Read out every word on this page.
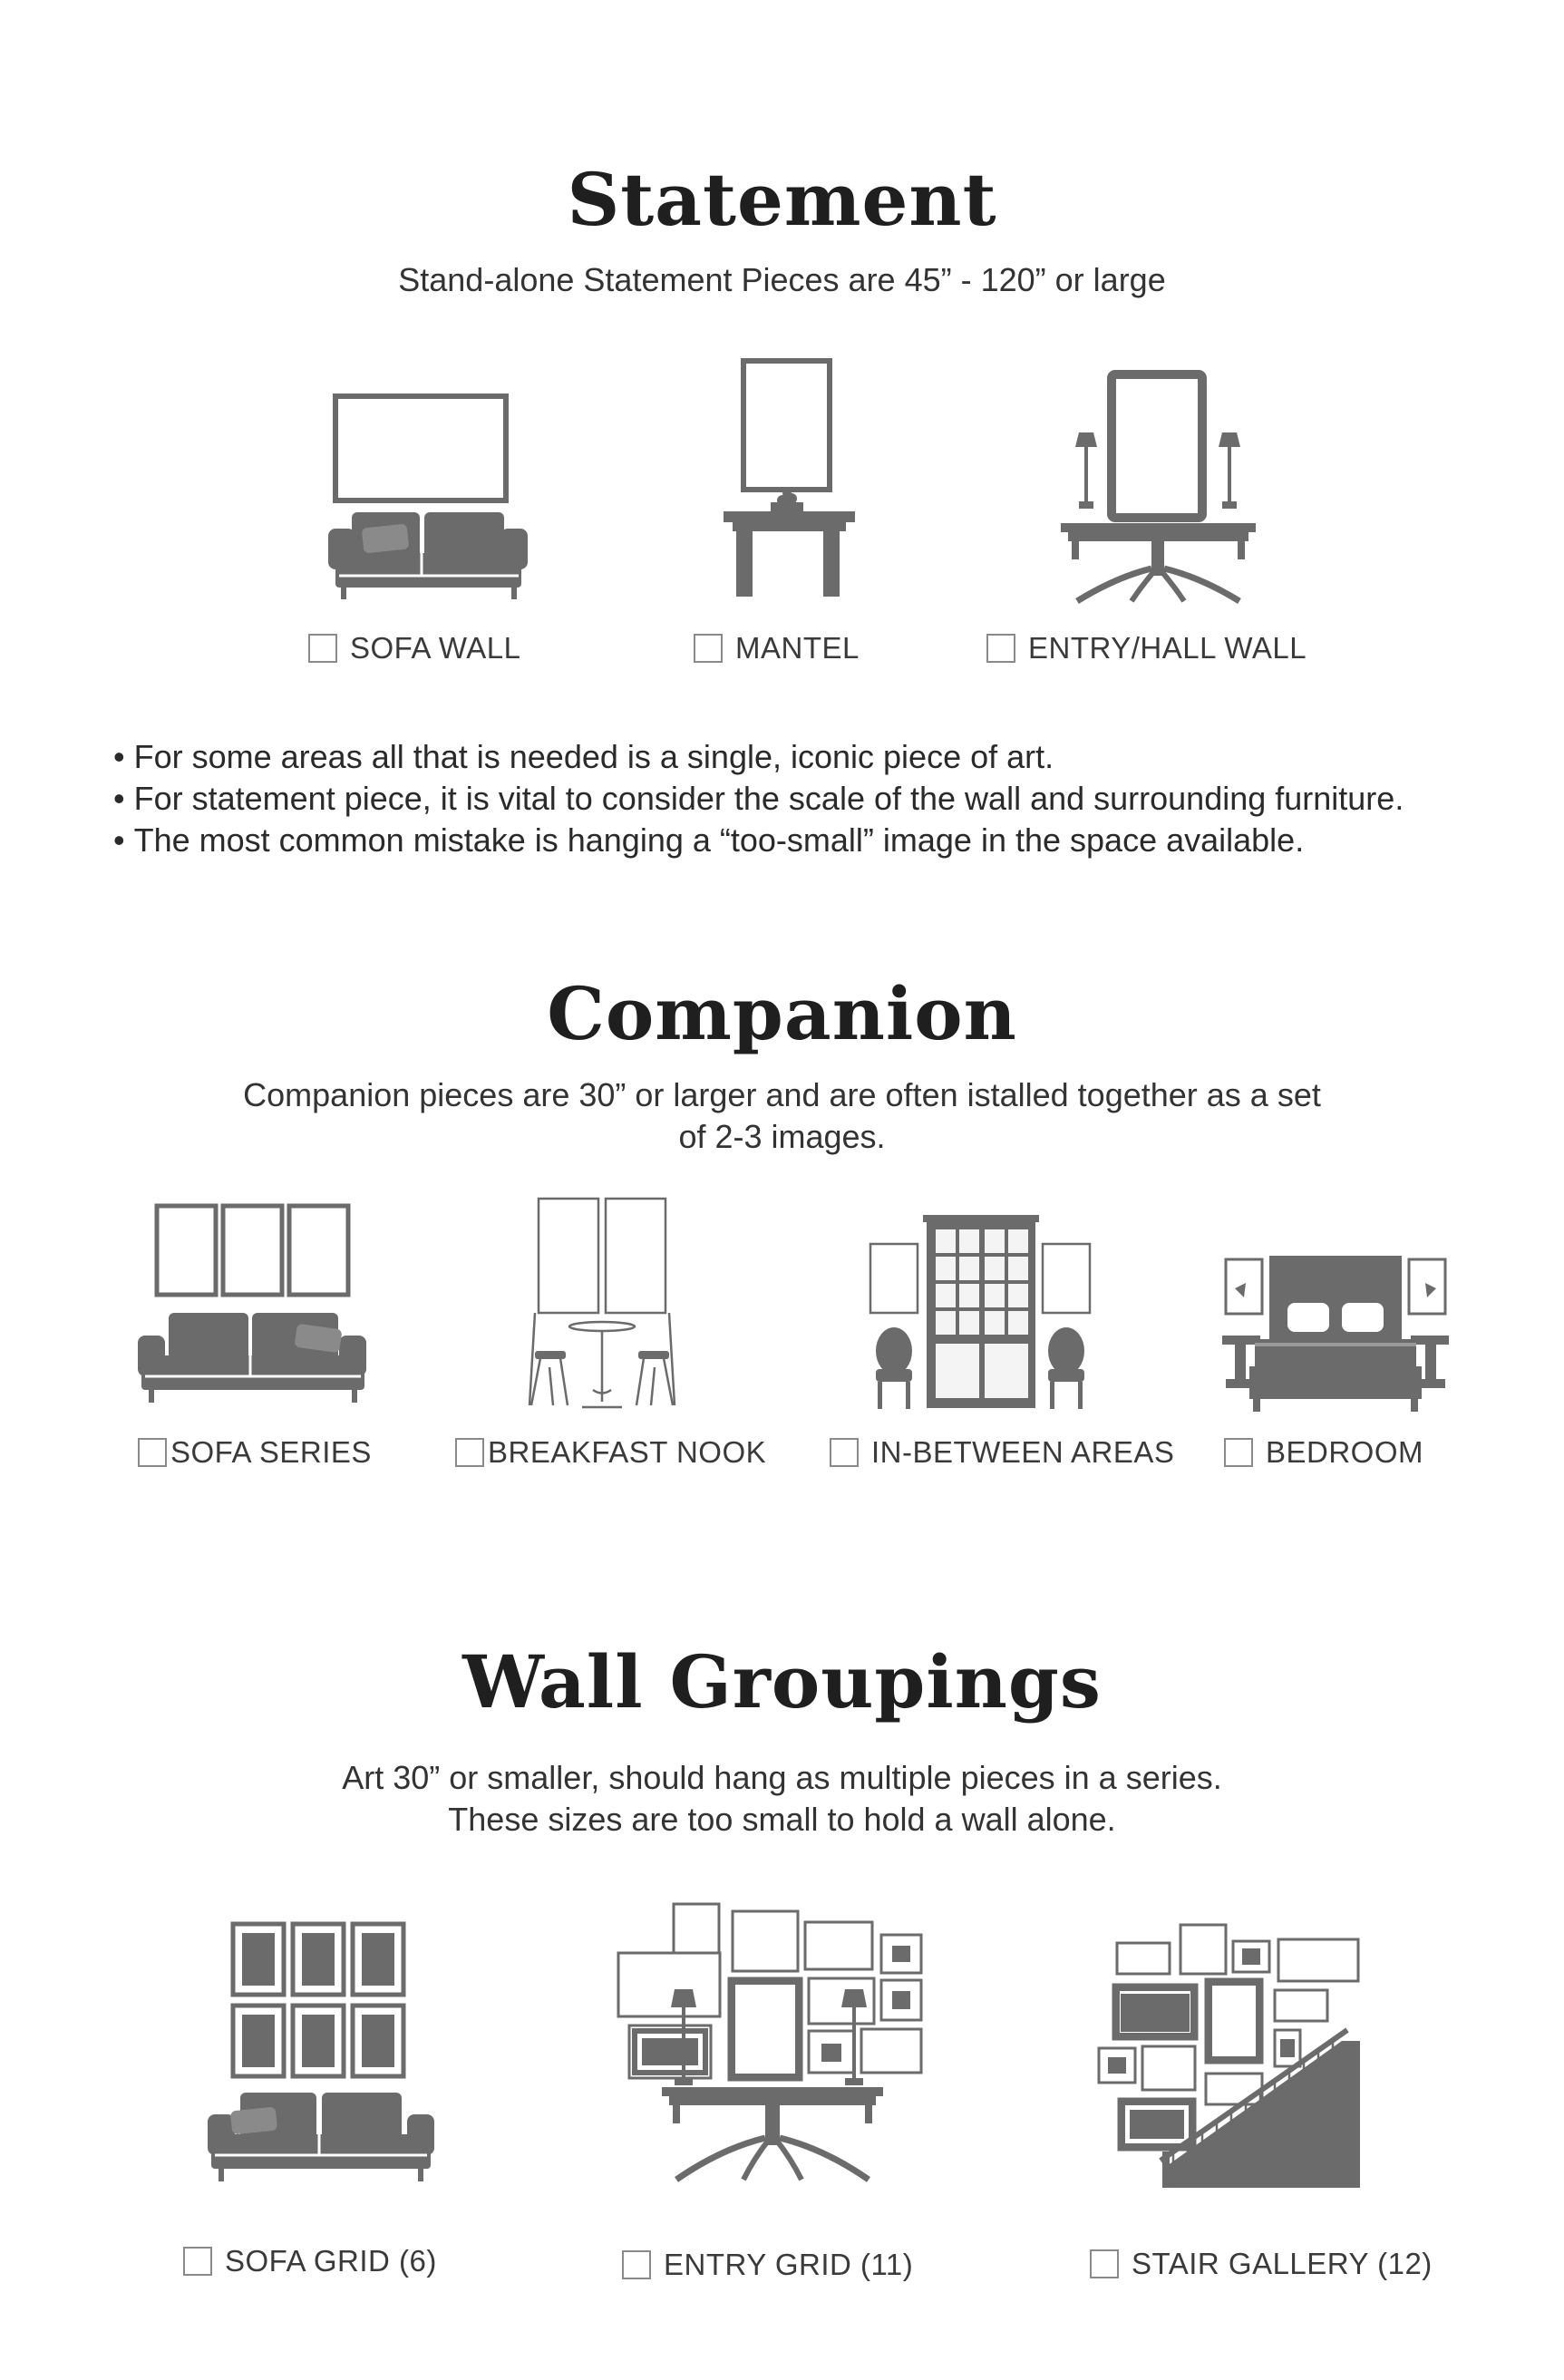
Statement

Stand-alone Statement Pieces are 45” - 120” or large

SOFA WALL	MANTEL	ENTRY/HALL WALL
• For some areas all that is needed is a single, iconic piece of art.
• For statement piece, it is vital to consider the scale of the wall and surrounding furniture.
• The most common mistake is hanging a “too-small” image in the space available.
Companion

Companion pieces are 30” or larger and are often istalled together as a set

of 2-3 images.

SOFA SERIES	BREAKFAST NOOK	IN-BETWEEN AREAS	BEDROOM
Wall Groupings

Art 30” or smaller, should hang as multiple pieces in a series.

These sizes are too small to hold a wall alone.

SOFA GRID (6)	ENTRY GRID (11)	STAIR GALLERY (12)
